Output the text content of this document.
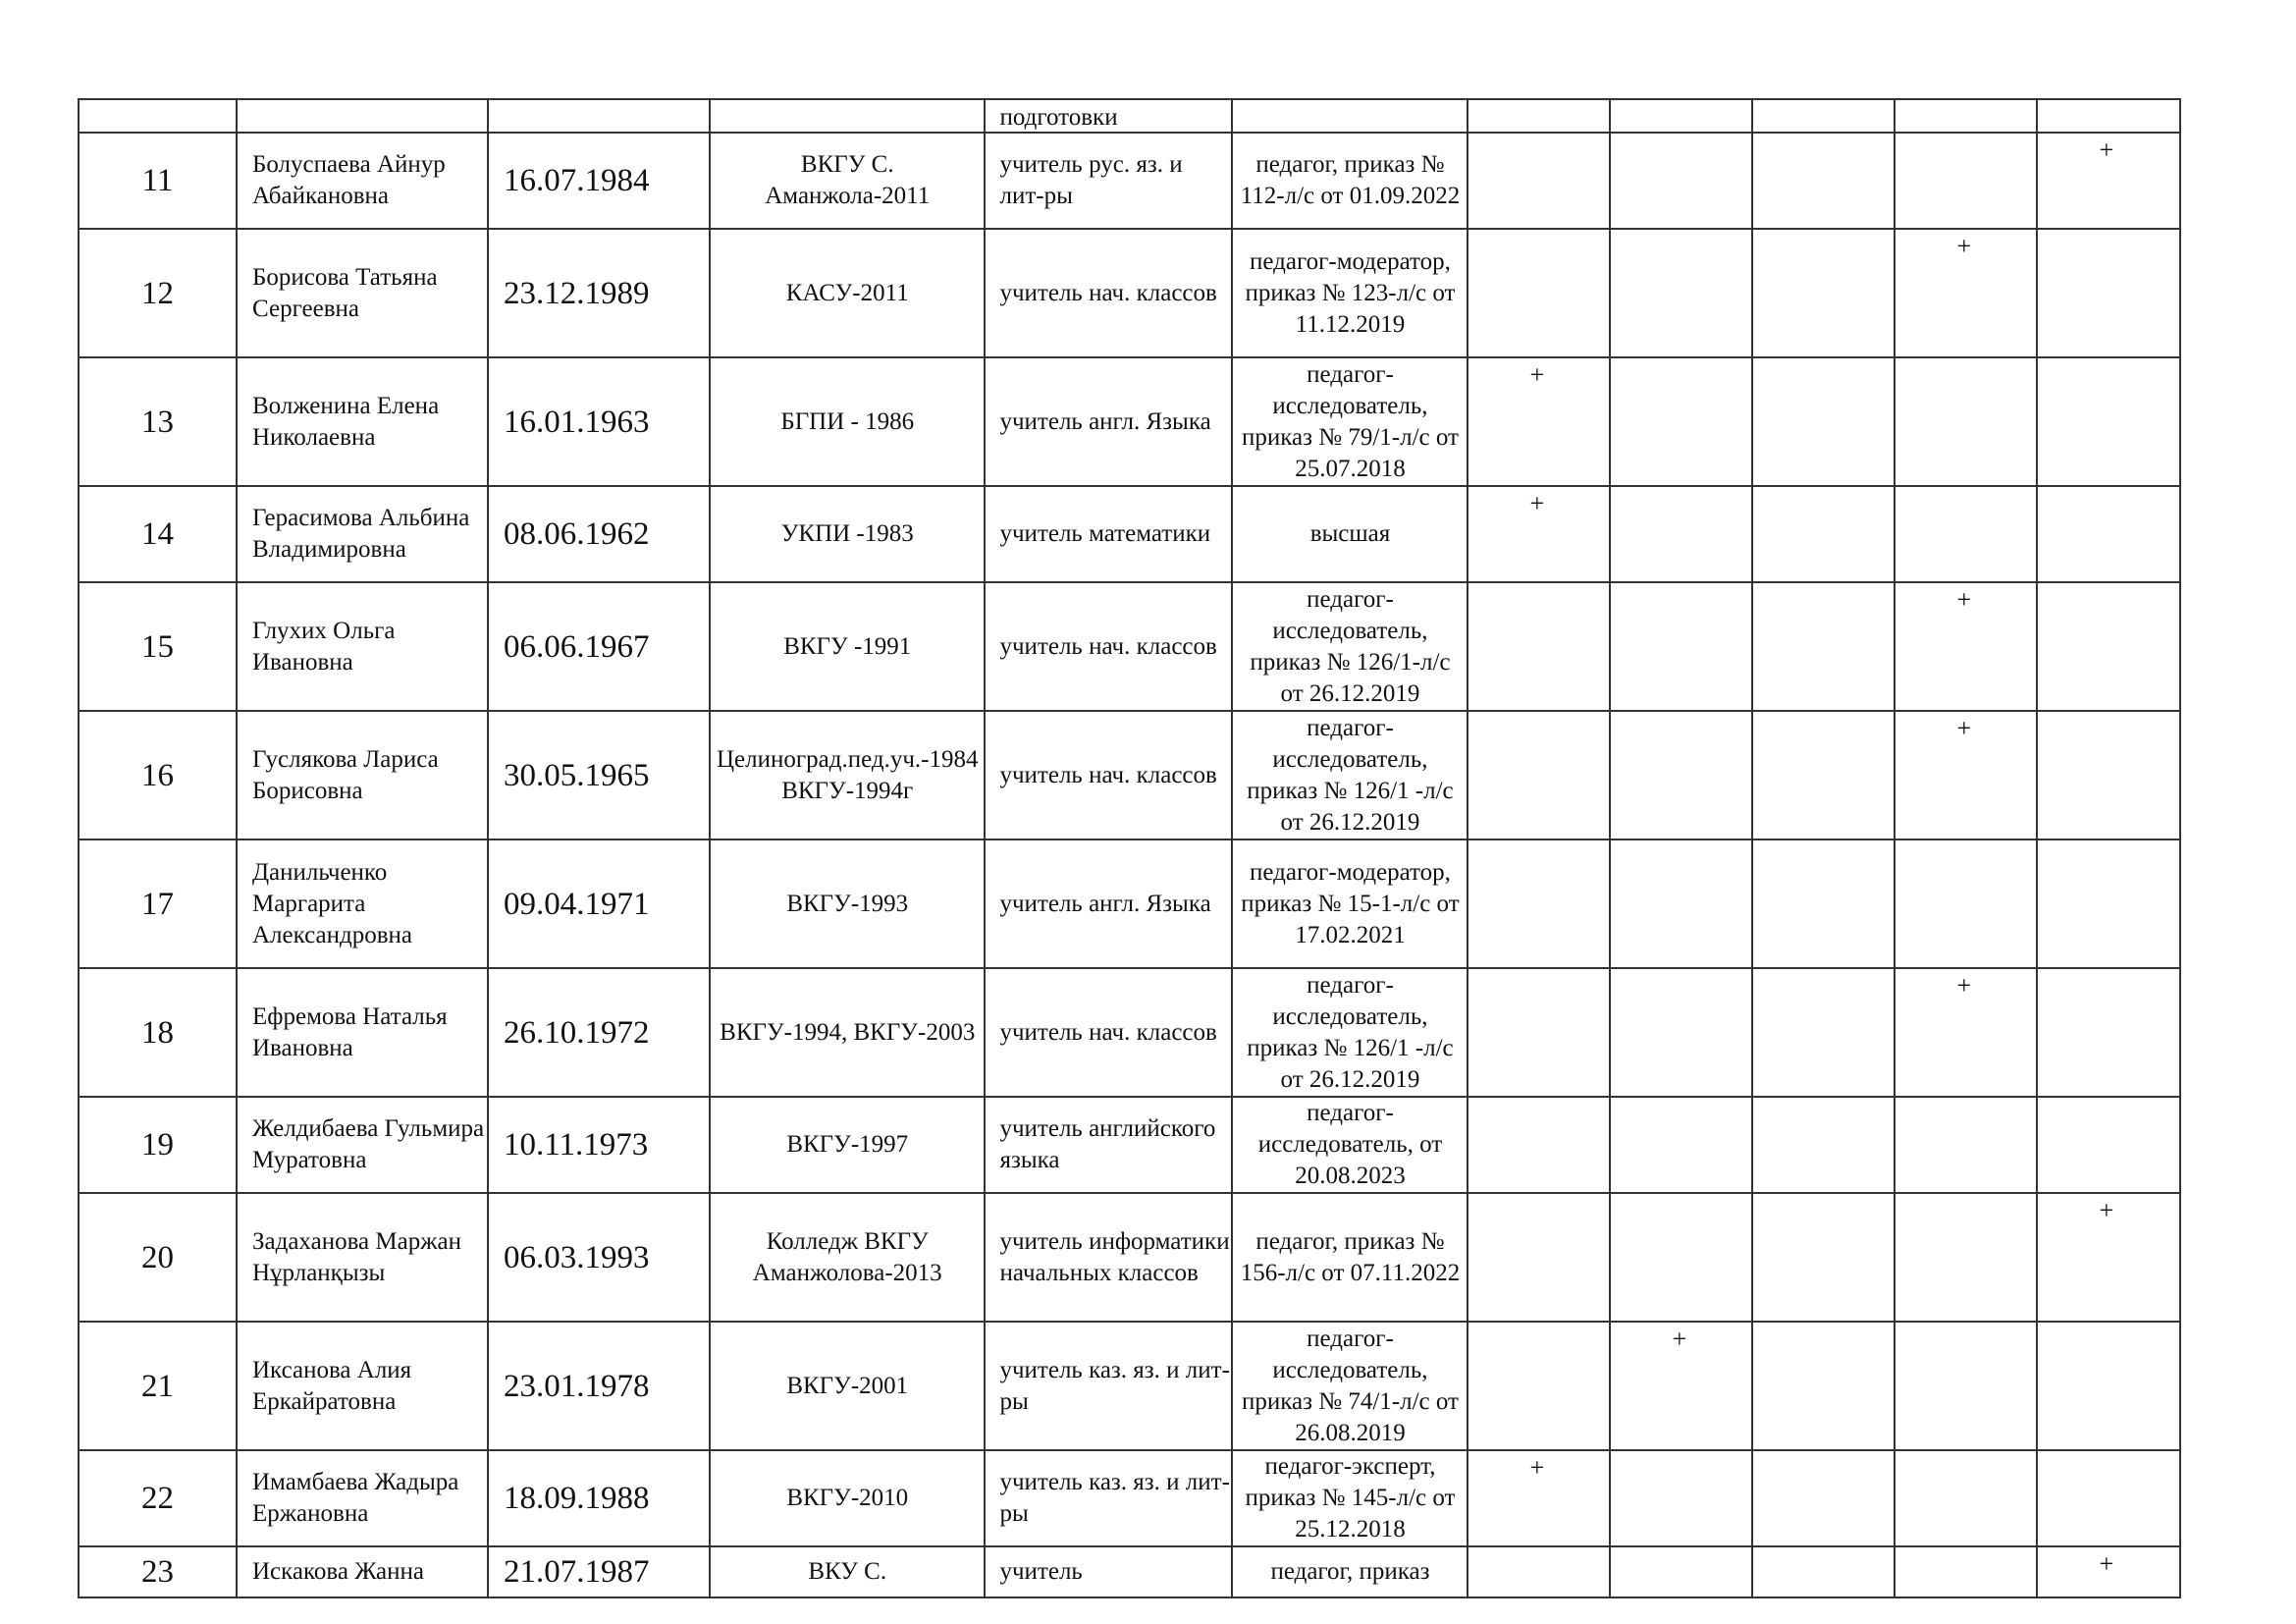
				подготовки						
11	Болуспаева Айнур Абайкановна	16.07.1984	ВКГУ С. Аманжола-2011	учитель рус. яз. и лит-ры	педагог, приказ № 112-л/с от 01.09.2022					+
12	Борисова Татьяна Сергеевна	23.12.1989	КАСУ-2011	учитель нач. классов	педагог-модератор, приказ № 123-л/с от 11.12.2019				+	
13	Волженина Елена Николаевна	16.01.1963	БГПИ - 1986	учитель англ. Языка	педагог-исследователь, приказ № 79/1-л/с от 25.07.2018	+				
14	Герасимова Альбина Владимировна	08.06.1962	УКПИ -1983	учитель математики	высшая	+				
15	Глухих Ольга Ивановна	06.06.1967	ВКГУ -1991	учитель нач. классов	педагог-исследователь, приказ № 126/1-л/с от 26.12.2019				+	
16	Гуслякова Лариса Борисовна	30.05.1965	Целиноград.пед.уч.-1984 ВКГУ-1994г	учитель нач. классов	педагог-исследователь, приказ № 126/1 -л/с от 26.12.2019				+	
17	Данильченко Маргарита Александровна	09.04.1971	ВКГУ-1993	учитель англ. Языка	педагог-модератор, приказ № 15-1-л/с от 17.02.2021					
18	Ефремова Наталья Ивановна	26.10.1972	ВКГУ-1994, ВКГУ-2003	учитель нач. классов	педагог-исследователь, приказ № 126/1 -л/с от 26.12.2019				+	
19	Желдибаева Гульмира Муратовна	10.11.1973	ВКГУ-1997	учитель английского языка	педагог-исследователь, от 20.08.2023					
20	Задаханова Маржан Нұрланқызы	06.03.1993	Колледж ВКГУ Аманжолова-2013	учитель информатики начальных классов	педагог, приказ № 156-л/с от 07.11.2022					+
21	Иксанова Алия Еркайратовна	23.01.1978	ВКГУ-2001	учитель каз. яз. и лит-ры	педагог-исследователь, приказ № 74/1-л/с от 26.08.2019		+			
22	Имамбаева Жадыра Ержановна	18.09.1988	ВКГУ-2010	учитель каз. яз. и лит-ры	педагог-эксперт, приказ № 145-л/с от 25.12.2018	+				
23	Искакова Жанна	21.07.1987	ВКУ С.	учитель	педагог, приказ					+
